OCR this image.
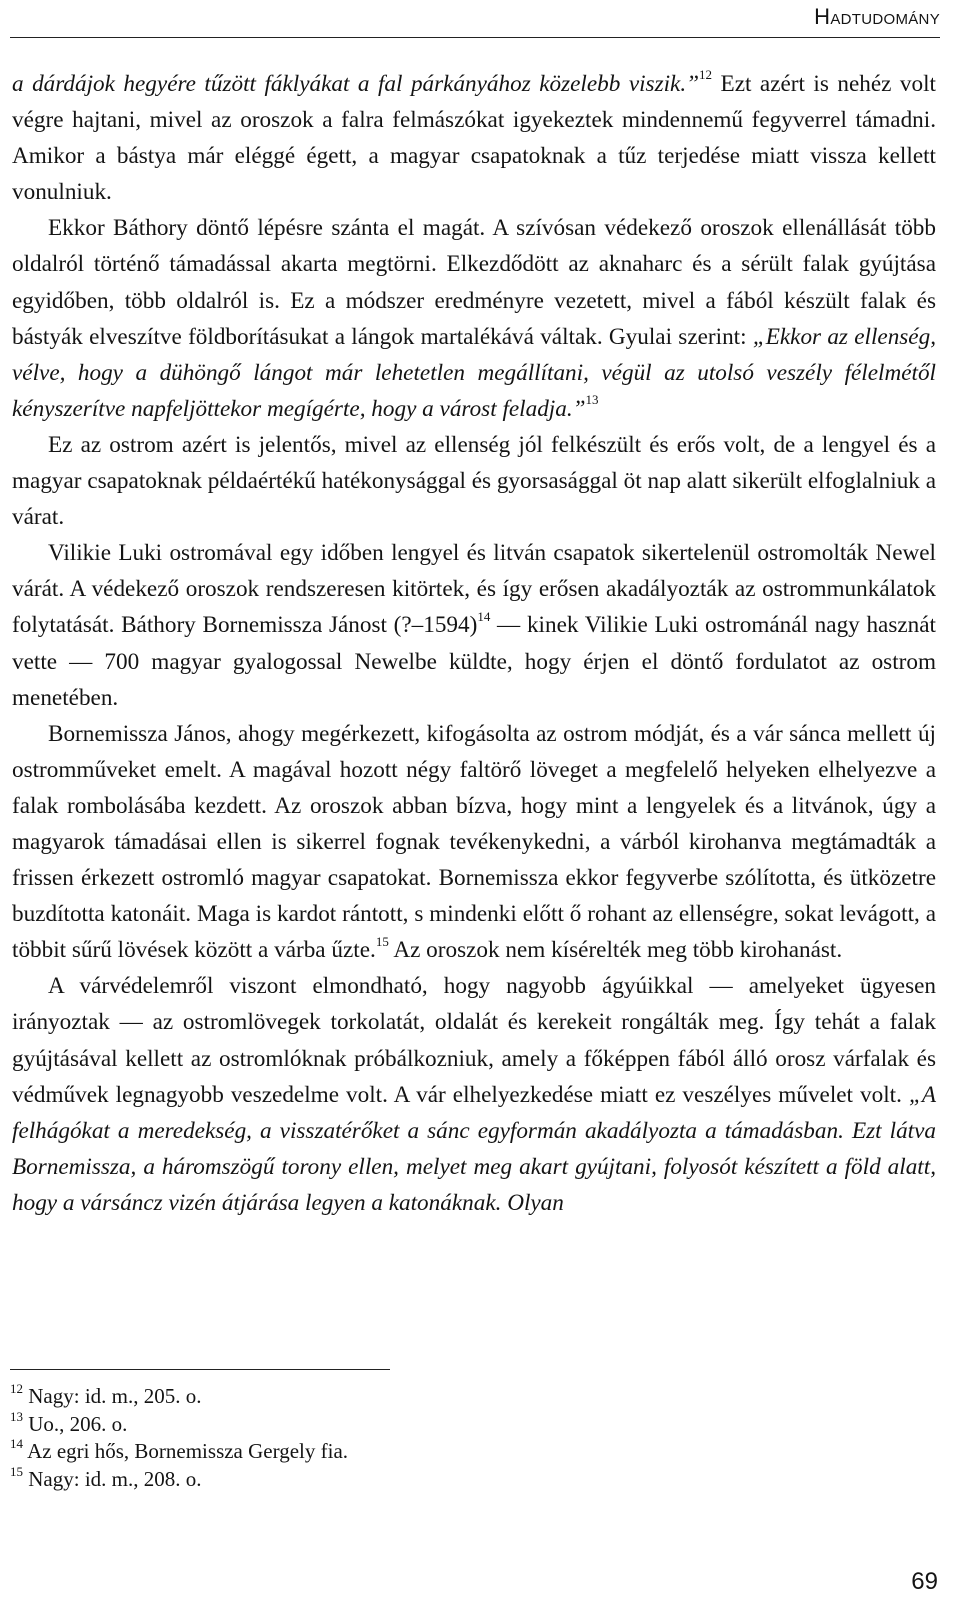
Hadtudomány

a dárdájok hegyére tűzött fáklyákat a fal párkányához közelebb viszik.”$^{12}$ Ezt azért is nehéz volt végre hajtani, mivel az oroszok a falra felmászókat igyekeztek mindennemű fegyverrel támadni. Amikor a bástya már eléggé égett, a magyar csapatoknak a tűz terjedése miatt vissza kellett vonulniuk.

Ekkor Báthory döntő lépésre szánta el magát. A szívósan védekező oroszok ellenállását több oldalról történő támadással akarta megtörni. Elkezdődött az aknaharc és a sérült falak gyújtása egyidőben, több oldalról is. Ez a módszer eredményre vezetett, mivel a fából készült falak és bástyák elveszítve földborításukat a lángok martalékává váltak. Gyulai szerint: „Ekkor az ellenség, vélve, hogy a dühöngő lángot már lehetetlen megállítani, végül az utolsó veszély félelmétől kényszerítve napfeljöttekor megígérte, hogy a várost feladja.”$^{13}$

Ez az ostrom azért is jelentős, mivel az ellenség jól felkészült és erős volt, de a lengyel és a magyar csapatoknak példaértékű hatékonysággal és gyorsasággal öt nap alatt sikerült elfoglalniuk a várat.

Vilikie Luki ostromával egy időben lengyel és litván csapatok sikertelenül ostromolták Newel várát. A védekező oroszok rendszeresen kitörtek, és így erősen akadályozták az ostrommunkálatok folytatását. Báthory Bornemissza Jánost (?–1594)$^{14}$ — kinek Vilikie Luki ostrománál nagy hasznát vette — 700 magyar gyalogossal Newelbe küldte, hogy érjen el döntő fordulatot az ostrom menetében.

Bornemissza János, ahogy megérkezett, kifogásolta az ostrom módját, és a vár sánca mellett új ostromműveket emelt. A magával hozott négy faltörő löveget a megfelelő helyeken elhelyezve a falak rombolásába kezdett. Az oroszok abban bízva, hogy mint a lengyelek és a litvánok, úgy a magyarok támadásai ellen is sikerrel fognak tevékenykedni, a várból kirohanva megtámadták a frissen érkezett ostromló magyar csapatokat. Bornemissza ekkor fegyverbe szólította, és ütközetre buzdította katonáit. Maga is kardot rántott, s mindenki előtt ő rohant az ellenségre, sokat levágott, a többit sűrű lövések között a várba űzte.$^{15}$ Az oroszok nem kísérelték meg több kirohanást.

A várvédelemről viszont elmondható, hogy nagyobb ágyúikkal — amelyeket ügyesen irányoztak — az ostromlövegek torkolatát, oldalát és kerekeit rongálták meg. Így tehát a falak gyújtásával kellett az ostromlóknak próbálkozniuk, amely a főképpen fából álló orosz várfalak és védművek legnagyobb veszedelme volt. A vár elhelyezkedése miatt ez veszélyes művelet volt. „A felhágókat a meredekség, a visszatérőket a sánc egyformán akadályozta a támadásban. Ezt látva Bornemissza, a háromszögű torony ellen, melyet meg akart gyújtani, folyosót készített a föld alatt, hogy a vársáncz vizén átjárása legyen a katonáknak. Olyan

$^{12}$ Nagy: id. m., 205. o.
$^{13}$ Uo., 206. o.
$^{14}$ Az egri hős, Bornemissza Gergely fia.
$^{15}$ Nagy: id. m., 208. o.
69
